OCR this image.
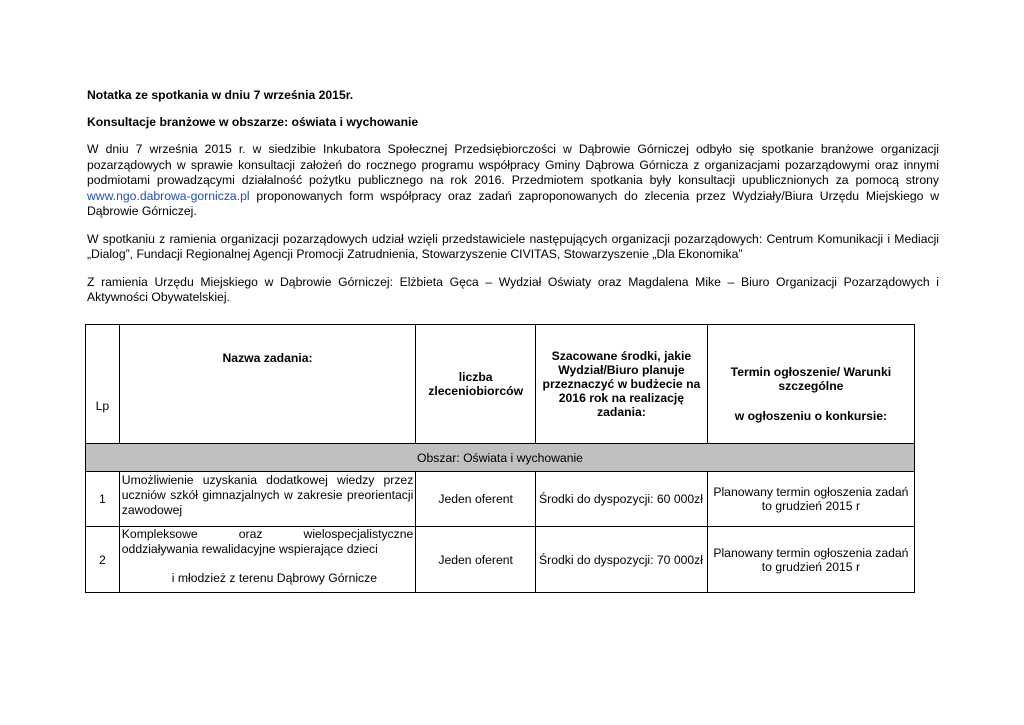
Notatka ze spotkania w dniu 7 września 2015r.

Konsultacje branżowe w obszarze: oświata i wychowanie

W dniu 7 września 2015 r. w siedzibie Inkubatora Społecznej Przedsiębiorczości w Dąbrowie Górniczej odbyło się spotkanie branżowe organizacji pozarządowych w sprawie konsultacji założeń do rocznego programu współpracy Gminy Dąbrowa Górnicza z organizacjami pozarządowymi oraz innymi podmiotami prowadzącymi działalność pożytku publicznego na rok 2016. Przedmiotem spotkania były konsultacji upublicznionych za pomocą strony www.ngo.dabrowa-gornicza.pl proponowanych form współpracy oraz zadań zaproponowanych do zlecenia przez Wydziały/Biura Urzędu Miejskiego w Dąbrowie Górniczej.

W spotkaniu z ramienia organizacji pozarządowych udział wzięli przedstawiciele następujących organizacji pozarządowych: Centrum Komunikacji i Mediacji „Dialog”, Fundacji Regionalnej Agencji Promocji Zatrudnienia, Stowarzyszenie CIVITAS, Stowarzyszenie „Dla Ekonomika”

Z ramienia Urzędu Miejskiego w Dąbrowie Górniczej: Elżbieta Gęca – Wydział Oświaty oraz Magdalena Mike – Biuro Organizacji Pozarządowych i Aktywności Obywatelskiej.

Lp	Nazwa zadania:	liczba zleceniobiorców	Szacowane środki, jakie Wydział/Biuro planuje przeznaczyć w budżecie na 2016 rok na realizację zadania:	Termin ogłoszenie/ Warunki szczególne
w ogłoszeniu o konkursie:

Obszar: Oświata i wychowanie				
1	Umożliwienie uzyskania dodatkowej wiedzy przez uczniów szkół gimnazjalnych w zakresie preorientacji zawodowej	Jeden oferent	Środki do dyspozycji: 60 000zł	Planowany termin ogłoszenia zadań to grudzień 2015 r
2	Kompleksowe oraz wielospecjalistyczne oddziaływania rewalidacyjne wspierające dzieci
i młodzież z terenu Dąbrowy Górnicze	Jeden oferent	Środki do dyspozycji: 70 000zł	Planowany termin ogłoszenia zadań to grudzień 2015 r
